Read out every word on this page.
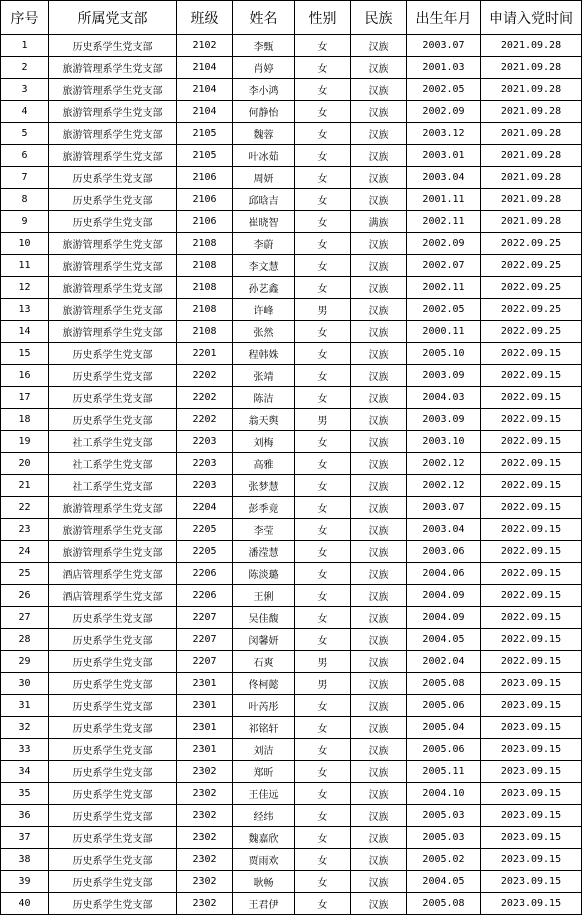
序号	所属党支部	班级	姓名	性别	民族	出生年月	申请入党时间
1	历史系学生党支部	2102	李甄	女	汉族	2003.07	2021.09.28
2	旅游管理系学生党支部	2104	肖婷	女	汉族	2001.03	2021.09.28
3	旅游管理系学生党支部	2104	李小鸿	女	汉族	2002.05	2021.09.28
4	旅游管理系学生党支部	2104	何静怡	女	汉族	2002.09	2021.09.28
5	旅游管理系学生党支部	2105	魏蓉	女	汉族	2003.12	2021.09.28
6	旅游管理系学生党支部	2105	叶冰茹	女	汉族	2003.01	2021.09.28
7	历史系学生党支部	2106	周妍	女	汉族	2003.04	2021.09.28
8	历史系学生党支部	2106	邱晗吉	女	汉族	2001.11	2021.09.28
9	历史系学生党支部	2106	崔晓智	女	满族	2002.11	2021.09.28
10	旅游管理系学生党支部	2108	李蔚	女	汉族	2002.09	2022.09.25
11	旅游管理系学生党支部	2108	李文慧	女	汉族	2002.07	2022.09.25
12	旅游管理系学生党支部	2108	孙艺鑫	女	汉族	2002.11	2022.09.25
13	旅游管理系学生党支部	2108	许峰	男	汉族	2002.05	2022.09.25
14	旅游管理系学生党支部	2108	张然	女	汉族	2000.11	2022.09.25
15	历史系学生党支部	2201	程韩姝	女	汉族	2005.10	2022.09.15
16	历史系学生党支部	2202	张靖	女	汉族	2003.09	2022.09.15
17	历史系学生党支部	2202	陈洁	女	汉族	2004.03	2022.09.15
18	历史系学生党支部	2202	翁天舆	男	汉族	2003.09	2022.09.15
19	社工系学生党支部	2203	刘梅	女	汉族	2003.10	2022.09.15
20	社工系学生党支部	2203	高雅	女	汉族	2002.12	2022.09.15
21	社工系学生党支部	2203	张梦慧	女	汉族	2002.12	2022.09.15
22	旅游管理系学生党支部	2204	彭季竟	女	汉族	2003.07	2022.09.15
23	旅游管理系学生党支部	2205	李莹	女	汉族	2003.04	2022.09.15
24	旅游管理系学生党支部	2205	潘滢慧	女	汉族	2003.06	2022.09.15
25	酒店管理系学生党支部	2206	陈淡璐	女	汉族	2004.06	2022.09.15
26	酒店管理系学生党支部	2206	王俐	女	汉族	2004.09	2022.09.15
27	历史系学生党支部	2207	吴佳馥	女	汉族	2004.09	2022.09.15
28	历史系学生党支部	2207	闵馨妍	女	汉族	2004.05	2022.09.15
29	历史系学生党支部	2207	石爽	男	汉族	2002.04	2022.09.15
30	历史系学生党支部	2301	佟柯懿	男	汉族	2005.08	2023.09.15
31	历史系学生党支部	2301	叶芮彤	女	汉族	2005.06	2023.09.15
32	历史系学生党支部	2301	祁铭轩	女	汉族	2005.04	2023.09.15
33	历史系学生党支部	2301	刘洁	女	汉族	2005.06	2023.09.15
34	历史系学生党支部	2302	郑昕	女	汉族	2005.11	2023.09.15
35	历史系学生党支部	2302	王佳远	女	汉族	2004.10	2023.09.15
36	历史系学生党支部	2302	经纬	女	汉族	2005.03	2023.09.15
37	历史系学生党支部	2302	魏嘉欣	女	汉族	2005.03	2023.09.15
38	历史系学生党支部	2302	贾雨欢	女	汉族	2005.02	2023.09.15
39	历史系学生党支部	2302	耿畅	女	汉族	2004.05	2023.09.15
40	历史系学生党支部	2302	王君伊	女	汉族	2005.08	2023.09.15
